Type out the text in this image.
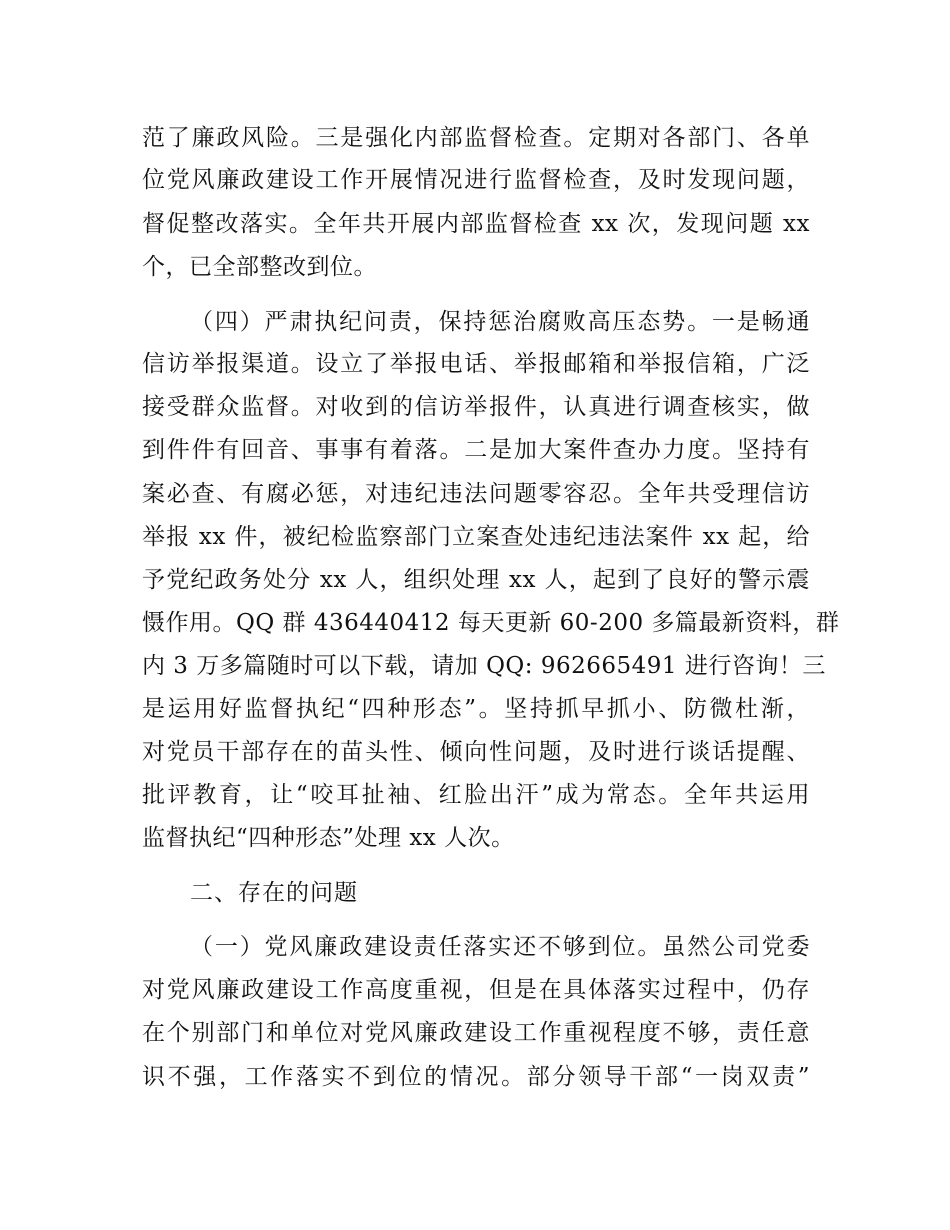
范了廉政风险。三是强化内部监督检查。定期对各部门、各单
位党风廉政建设工作开展情况进行监督检查，及时发现问题，
督促整改落实。全年共开展内部监督检查 xx 次，发现问题 xx
个，已全部整改到位。
（四）严肃执纪问责，保持惩治腐败高压态势。一是畅通
信访举报渠道。设立了举报电话、举报邮箱和举报信箱，广泛
接受群众监督。对收到的信访举报件，认真进行调查核实，做
到件件有回音、事事有着落。二是加大案件查办力度。坚持有
案必查、有腐必惩，对违纪违法问题零容忍。全年共受理信访
举报 xx 件，被纪检监察部门立案查处违纪违法案件 xx 起，给
予党纪政务处分 xx 人，组织处理 xx 人，起到了良好的警示震
慑作用。QQ 群 436440412 每天更新 60-200 多篇最新资料，群
内 3 万多篇随时可以下载，请加 QQ: 962665491 进行咨询！三
是运用好监督执纪“四种形态”。坚持抓早抓小、防微杜渐，
对党员干部存在的苗头性、倾向性问题，及时进行谈话提醒、
批评教育，让“咬耳扯袖、红脸出汗”成为常态。全年共运用
监督执纪“四种形态”处理 xx 人次。
二、存在的问题
（一）党风廉政建设责任落实还不够到位。虽然公司党委
对党风廉政建设工作高度重视，但是在具体落实过程中，仍存
在个别部门和单位对党风廉政建设工作重视程度不够，责任意
识不强，工作落实不到位的情况。部分领导干部“一岗双责”
